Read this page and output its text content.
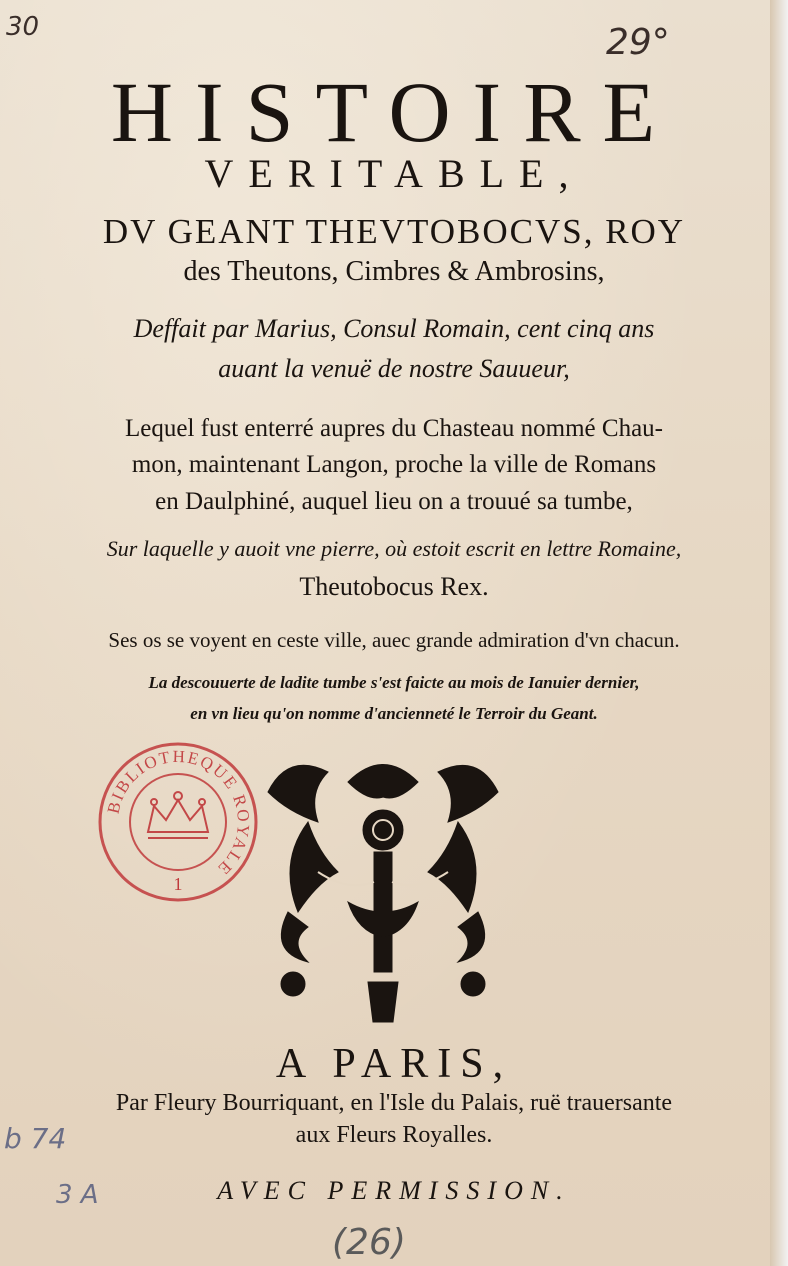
30	29°
HISTOIRE
VERITABLE,
DV GEANT THEVTOBOCVS, ROY
des Theutons, Cimbres & Ambrosins,
Deffait par Marius, Consul Romain, cent cinq ans
auant la venuë de nostre Sauueur,
Lequel fust enterré aupres du Chasteau nommé Chau-
mon, maintenant Langon, proche la ville de Romans
en Daulphiné, auquel lieu on a trouué sa tumbe,
Sur laquelle y auoit vne pierre, où estoit escrit en lettre Romaine,
Theutobocus Rex.
Ses os se voyent en ceste ville, auec grande admiration d'vn chacun.
La descouuerte de ladite tumbe s'est faicte au mois de Ianuier dernier,
en vn lieu qu'on nomme d'ancienneté le Terroir du Geant.
BIBLIOTHEQUE ROYALE
1
A PARIS,
Par Fleury Bourriquant, en l'Isle du Palais, ruë trauersante
aux Fleurs Royalles.
AVEC PERMISSION.
b 74
3 A
(26)
